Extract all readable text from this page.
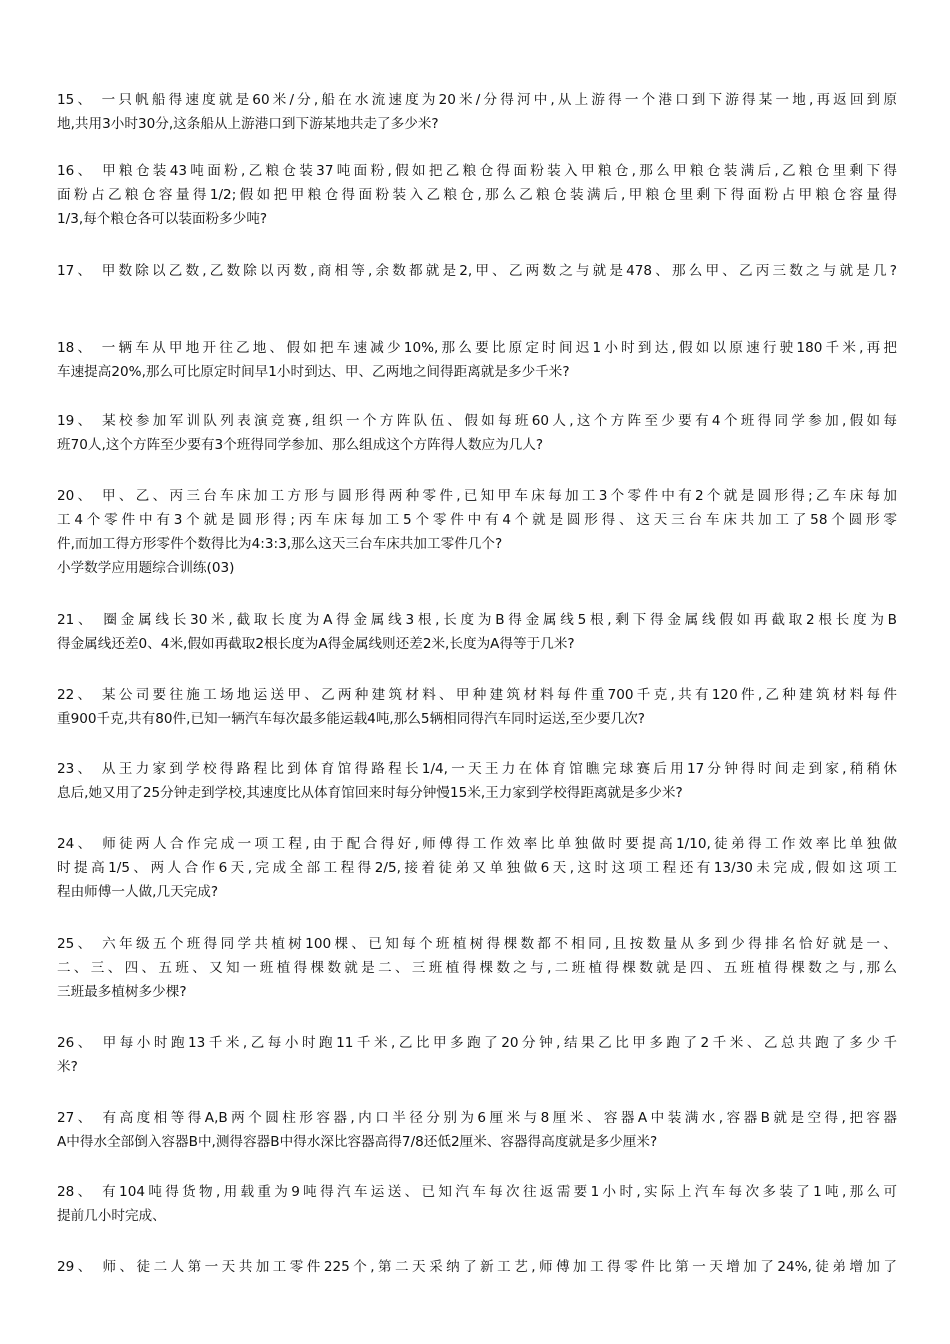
15、 一只帆船得速度就是60米/分,船在水流速度为20米/分得河中,从上游得一个港口到下游得某一地,再返回到原
地,共用3小时30分,这条船从上游港口到下游某地共走了多少米?
16、 甲粮仓装43吨面粉,乙粮仓装37吨面粉,假如把乙粮仓得面粉装入甲粮仓,那么甲粮仓装满后,乙粮仓里剩下得
面粉占乙粮仓容量得1/2;假如把甲粮仓得面粉装入乙粮仓,那么乙粮仓装满后,甲粮仓里剩下得面粉占甲粮仓容量得
1/3,每个粮仓各可以装面粉多少吨?
17、 甲数除以乙数,乙数除以丙数,商相等,余数都就是2,甲、乙两数之与就是478、那么甲、乙丙三数之与就是几?
18、 一辆车从甲地开往乙地、假如把车速减少10%,那么要比原定时间迟1小时到达,假如以原速行驶180千米,再把
车速提高20%,那么可比原定时间早1小时到达、甲、乙两地之间得距离就是多少千米?
19、 某校参加军训队列表演竞赛,组织一个方阵队伍、假如每班60人,这个方阵至少要有4个班得同学参加,假如每
班70人,这个方阵至少要有3个班得同学参加、那么组成这个方阵得人数应为几人?
20、 甲、乙、丙三台车床加工方形与圆形得两种零件,已知甲车床每加工3个零件中有2个就是圆形得;乙车床每加
工4个零件中有3个就是圆形得;丙车床每加工5个零件中有4个就是圆形得、这天三台车床共加工了58个圆形零
件,而加工得方形零件个数得比为4:3:3,那么这天三台车床共加工零件几个?
小学数学应用题综合训练(03)
21、 圈金属线长30米,截取长度为A得金属线3根,长度为B得金属线5根,剩下得金属线假如再截取2根长度为B
得金属线还差0、4米,假如再截取2根长度为A得金属线则还差2米,长度为A得等于几米?
22、 某公司要往施工场地运送甲、乙两种建筑材料、甲种建筑材料每件重700千克,共有120件,乙种建筑材料每件
重900千克,共有80件,已知一辆汽车每次最多能运载4吨,那么5辆相同得汽车同时运送,至少要几次?
23、 从王力家到学校得路程比到体育馆得路程长1/4,一天王力在体育馆瞧完球赛后用17分钟得时间走到家,稍稍休
息后,她又用了25分钟走到学校,其速度比从体育馆回来时每分钟慢15米,王力家到学校得距离就是多少米?
24、 师徒两人合作完成一项工程,由于配合得好,师傅得工作效率比单独做时要提高1/10,徒弟得工作效率比单独做
时提高1/5、两人合作6天,完成全部工程得2/5,接着徒弟又单独做6天,这时这项工程还有13/30未完成,假如这项工
程由师傅一人做,几天完成?
25、 六年级五个班得同学共植树100棵、已知每个班植树得棵数都不相同,且按数量从多到少得排名恰好就是一、
二、三、四、五班、又知一班植得棵数就是二、三班植得棵数之与,二班植得棵数就是四、五班植得棵数之与,那么
三班最多植树多少棵?
26、 甲每小时跑13千米,乙每小时跑11千米,乙比甲多跑了20分钟,结果乙比甲多跑了2千米、乙总共跑了多少千
米?
27、 有高度相等得A,B两个圆柱形容器,内口半径分别为6厘米与8厘米、容器A中装满水,容器B就是空得,把容器
A中得水全部倒入容器B中,测得容器B中得水深比容器高得7/8还低2厘米、容器得高度就是多少厘米?
28、 有104吨得货物,用载重为9吨得汽车运送、已知汽车每次往返需要1小时,实际上汽车每次多装了1吨,那么可
提前几小时完成、
29、 师、徒二人第一天共加工零件225个,第二天采纳了新工艺,师傅加工得零件比第一天增加了24%,徒弟增加了
